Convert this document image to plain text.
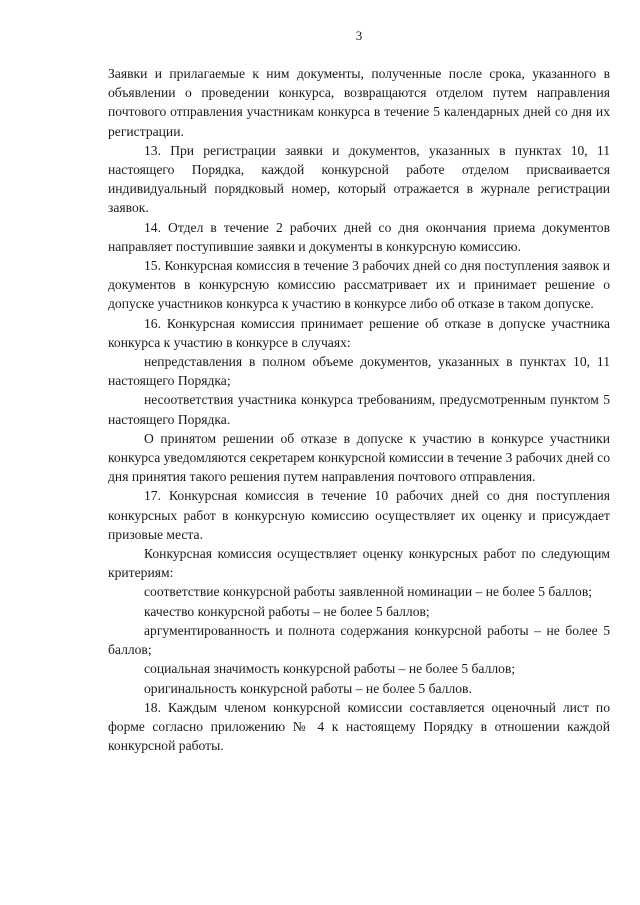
3

Заявки и прилагаемые к ним документы, полученные после срока, указанного в объявлении о проведении конкурса, возвращаются отделом путем направления почтового отправления участникам конкурса в течение 5 календарных дней со дня их регистрации.

13. При регистрации заявки и документов, указанных в пунктах 10, 11 настоящего Порядка, каждой конкурсной работе отделом присваивается индивидуальный порядковый номер, который отражается в журнале регистрации заявок.

14. Отдел в течение 2 рабочих дней со дня окончания приема документов направляет поступившие заявки и документы в конкурсную комиссию.

15. Конкурсная комиссия в течение 3 рабочих дней со дня поступления заявок и документов в конкурсную комиссию рассматривает их и принимает решение о допуске участников конкурса к участию в конкурсе либо об отказе в таком допуске.

16. Конкурсная комиссия принимает решение об отказе в допуске участника конкурса к участию в конкурсе в случаях:

непредставления в полном объеме документов, указанных в пунктах 10, 11 настоящего Порядка;

несоответствия участника конкурса требованиям, предусмотренным пунктом 5 настоящего Порядка.

О принятом решении об отказе в допуске к участию в конкурсе участники конкурса уведомляются секретарем конкурсной комиссии в течение 3 рабочих дней со дня принятия такого решения путем направления почтового отправления.

17. Конкурсная комиссия в течение 10 рабочих дней со дня поступления конкурсных работ в конкурсную комиссию осуществляет их оценку и присуждает призовые места.

Конкурсная комиссия осуществляет оценку конкурсных работ по следующим критериям:

соответствие конкурсной работы заявленной номинации – не более 5 баллов;

качество конкурсной работы – не более 5 баллов;

аргументированность и полнота содержания конкурсной работы – не более 5 баллов;

социальная значимость конкурсной работы – не более 5 баллов;

оригинальность конкурсной работы – не более 5 баллов.

18. Каждым членом конкурсной комиссии составляется оценочный лист по форме согласно приложению № 4 к настоящему Порядку в отношении каждой конкурсной работы.
